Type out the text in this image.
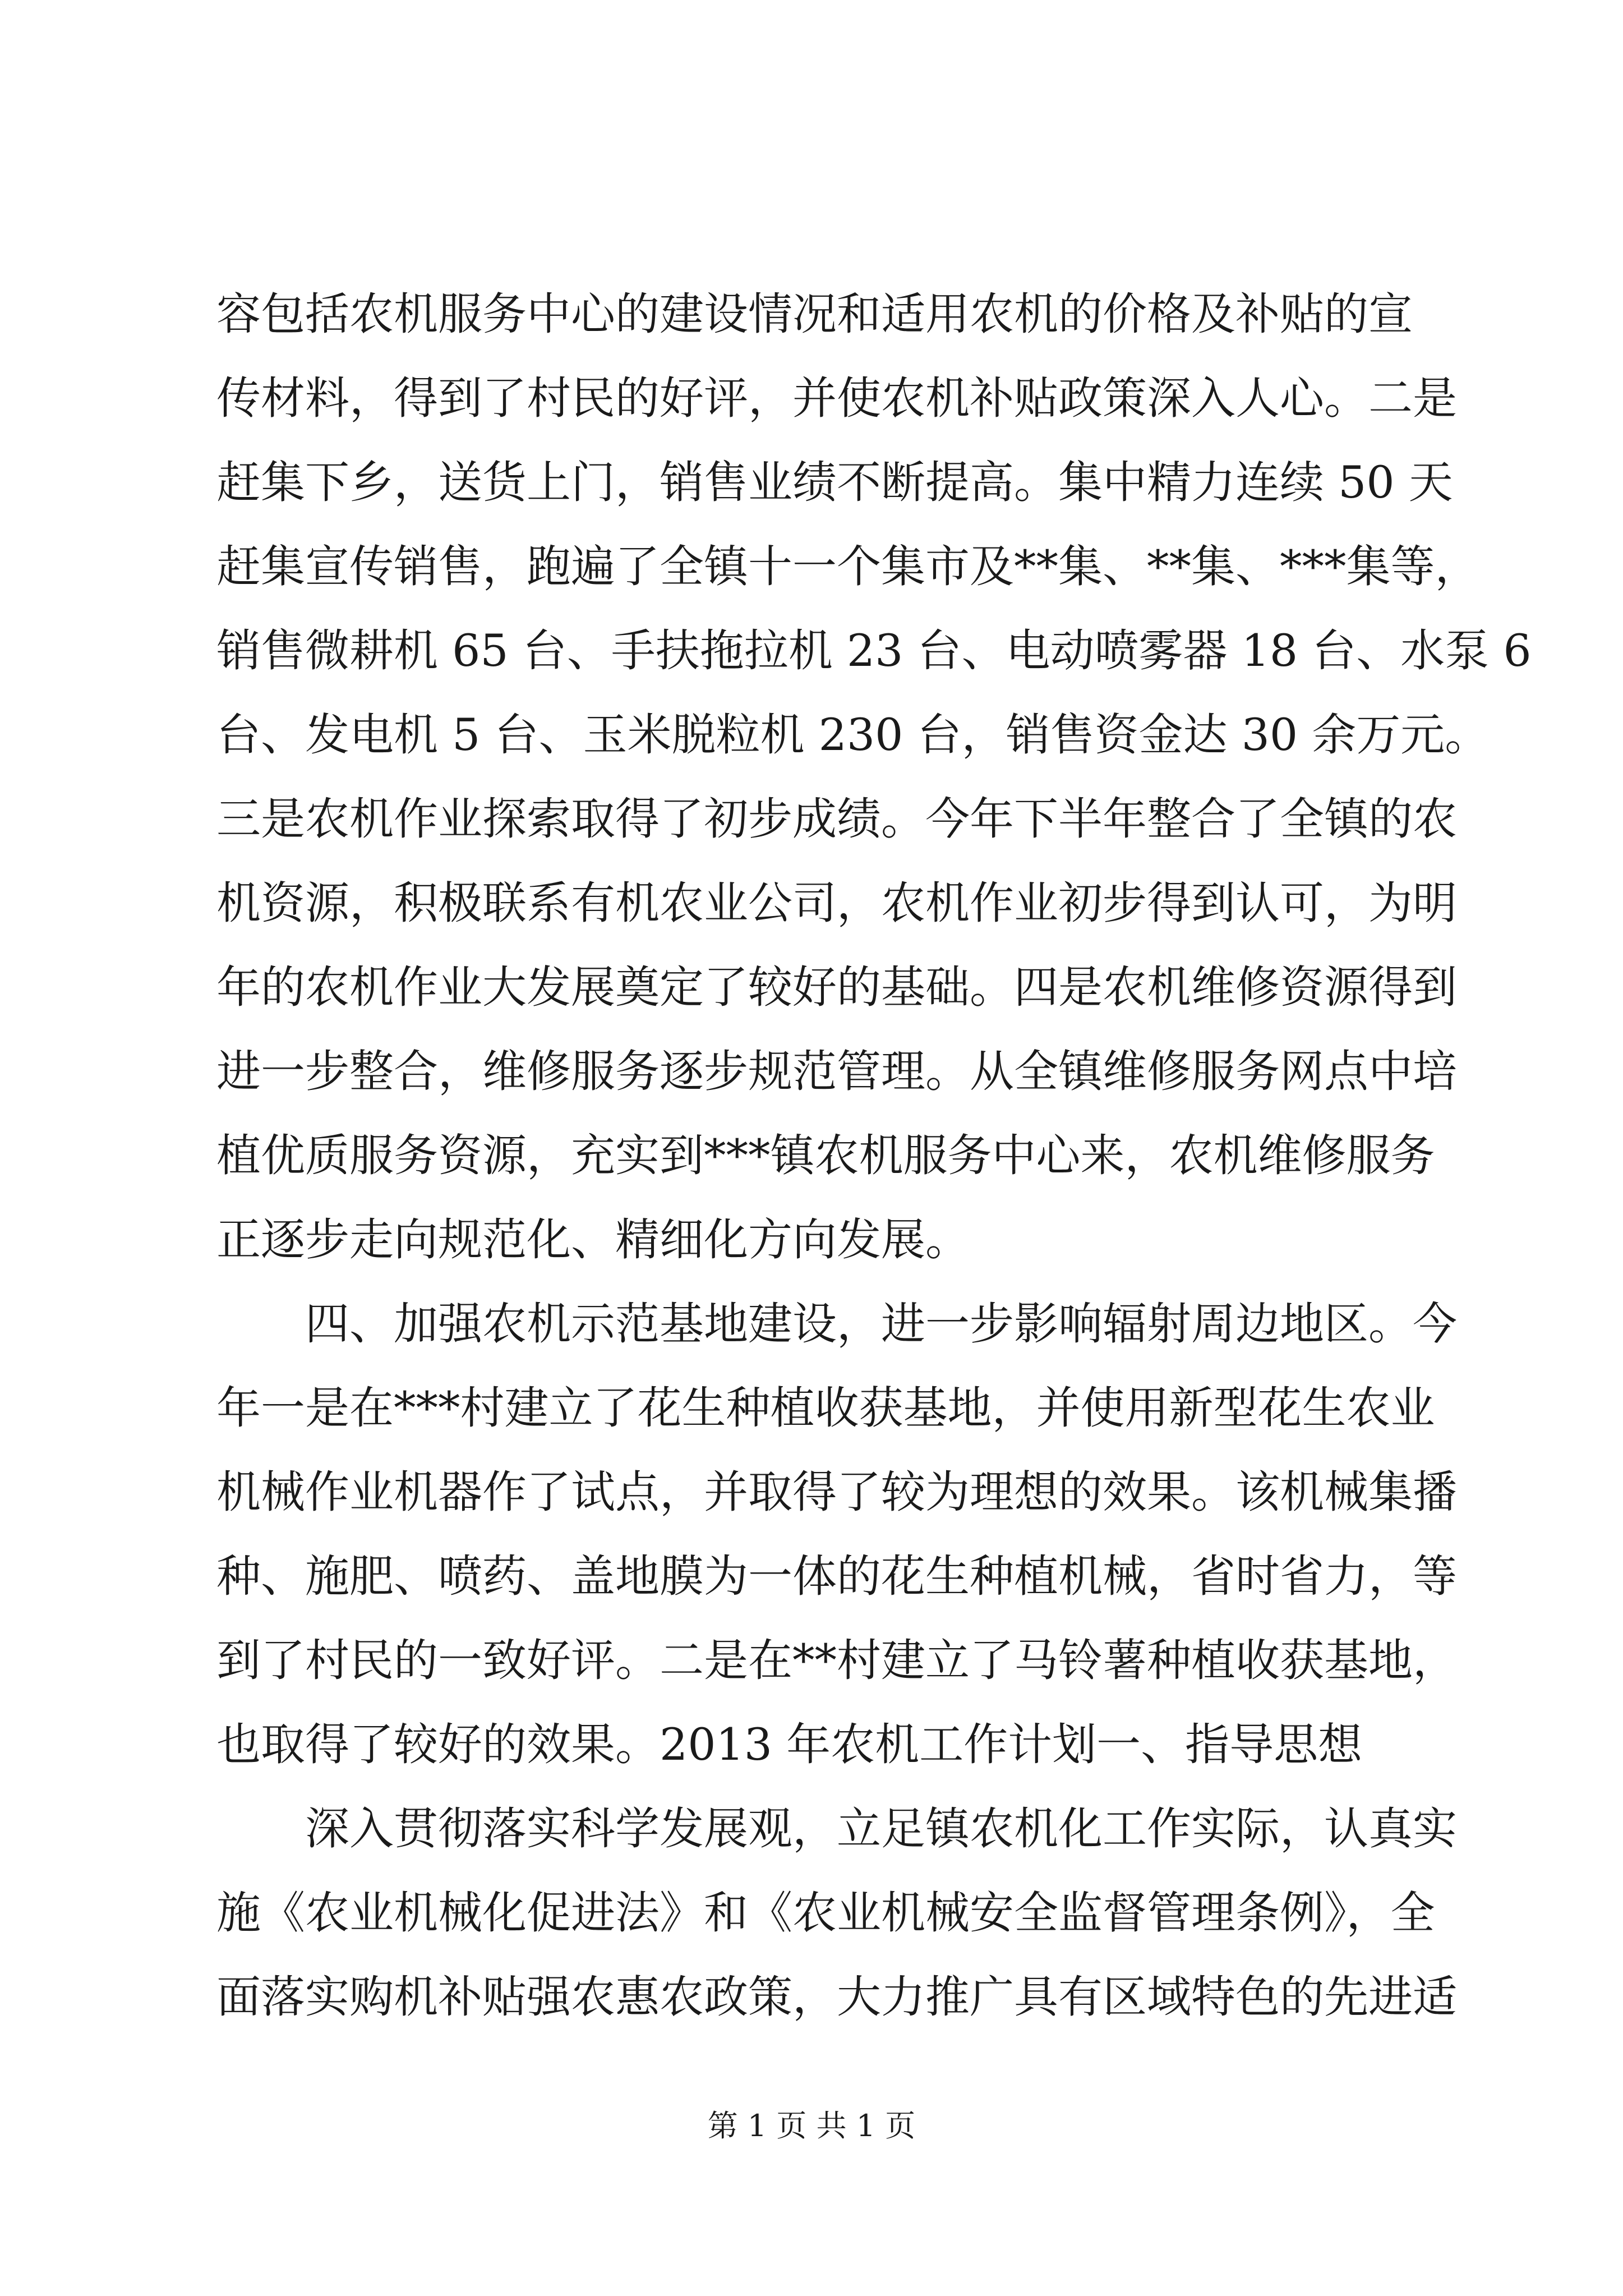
容包括农机服务中心的建设情况和适用农机的价格及补贴的宣
传材料，得到了村民的好评，并使农机补贴政策深入人心。二是
赶集下乡，送货上门，销售业绩不断提高。集中精力连续 50 天
赶集宣传销售，跑遍了全镇十一个集市及**集、**集、***集等，
销售微耕机 65 台、手扶拖拉机 23 台、电动喷雾器 18 台、水泵 6
台、发电机 5 台、玉米脱粒机 230 台，销售资金达 30 余万元。
三是农机作业探索取得了初步成绩。今年下半年整合了全镇的农
机资源，积极联系有机农业公司，农机作业初步得到认可，为明
年的农机作业大发展奠定了较好的基础。四是农机维修资源得到
进一步整合，维修服务逐步规范管理。从全镇维修服务网点中培
植优质服务资源，充实到***镇农机服务中心来，农机维修服务
正逐步走向规范化、精细化方向发展。
　　四、加强农机示范基地建设，进一步影响辐射周边地区。今
年一是在***村建立了花生种植收获基地，并使用新型花生农业
机械作业机器作了试点，并取得了较为理想的效果。该机械集播
种、施肥、喷药、盖地膜为一体的花生种植机械，省时省力，等
到了村民的一致好评。二是在**村建立了马铃薯种植收获基地，
也取得了较好的效果。2013 年农机工作计划一、指导思想
　　深入贯彻落实科学发展观，立足镇农机化工作实际，认真实
施《农业机械化促进法》和《农业机械安全监督管理条例》，全
面落实购机补贴强农惠农政策，大力推广具有区域特色的先进适
第 1 页 共 1 页
